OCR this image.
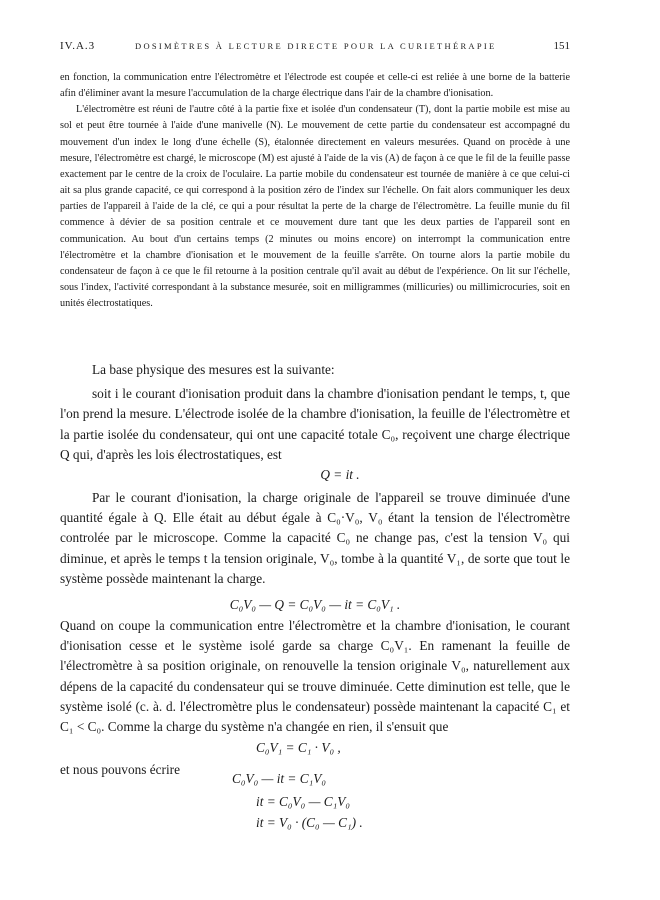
IV.A.3	DOSIMÈTRES À LECTURE DIRECTE POUR LA CURIETHÉRAPIE	151

en fonction, la communication entre l'électromètre et l'électrode est coupée et celle-ci est reliée à une borne de la batterie afin d'éliminer avant la mesure l'accumulation de la charge électrique dans l'air de la chambre d'ionisation.

L'électromètre est réuni de l'autre côté à la partie fixe et isolée d'un condensateur (T), dont la partie mobile est mise au sol et peut être tournée à l'aide d'une manivelle (N). Le mouvement de cette partie du condensateur est accompagné du mouvement d'un index le long d'une échelle (S), étalonnée directement en valeurs mesurées. Quand on procède à une mesure, l'électromètre est chargé, le microscope (M) est ajusté à l'aide de la vis (A) de façon à ce que le fil de la feuille passe exactement par le centre de la croix de l'oculaire. La partie mobile du condensateur est tournée de manière à ce que celui-ci ait sa plus grande capacité, ce qui correspond à la position zéro de l'index sur l'échelle. On fait alors communiquer les deux parties de l'appareil à l'aide de la clé, ce qui a pour résultat la perte de la charge de l'électromètre. La feuille munie du fil commence à dévier de sa position centrale et ce mouvement dure tant que les deux parties de l'appareil sont en communication. Au bout d'un certains temps (2 minutes ou moins encore) on interrompt la communication entre l'électromètre et la chambre d'ionisation et le mouvement de la feuille s'arrête. On tourne alors la partie mobile du condensateur de façon à ce que le fil retourne à la position centrale qu'il avait au début de l'expérience. On lit sur l'échelle, sous l'index, l'activité correspondant à la substance mesurée, soit en milligrammes (millicuries) ou millimicrocuries, soit en unités électrostatiques.

La base physique des mesures est la suivante:

soit i le courant d'ionisation produit dans la chambre d'ionisation pendant le temps, t, que l'on prend la mesure. L'électrode isolée de la chambre d'ionisation, la feuille de l'électromètre et la partie isolée du condensateur, qui ont une capacité totale C₀, reçoivent une charge électrique Q qui, d'après les lois électrostatiques, est

Q = it .

Par le courant d'ionisation, la charge originale de l'appareil se trouve diminuée d'une quantité égale à Q. Elle était au début égale à C₀·V₀, V₀ étant la tension de l'électromètre controlée par le microscope. Comme la capacité C₀ ne change pas, c'est la tension V₀ qui diminue, et après le temps t la tension originale, V₀, tombe à la quantité V₁, de sorte que tout le système possède maintenant la charge.

C₀V₀ — Q = C₀V₀ — it = C₀V₁ .

Quand on coupe la communication entre l'électromètre et la chambre d'ionisation, le courant d'ionisation cesse et le système isolé garde sa charge C₀V₁. En ramenant la feuille de l'électromètre à sa position originale, on renouvelle la tension originale V₀, naturellement aux dépens de la capacité du condensateur qui se trouve diminuée. Cette diminution est telle, que le système isolé (c. à. d. l'électromètre plus le condensateur) possède maintenant la capacité C₁ et C₁ < C₀. Comme la charge du système n'a changée en rien, il s'ensuit que

C₀V₁ = C₁ · V₀ ,
et nous pouvons écrire
C₀V₀ — it = C₁V₀
it = C₀V₀ — C₁V₀
it = V₀ · (C₀ — C₁) .
